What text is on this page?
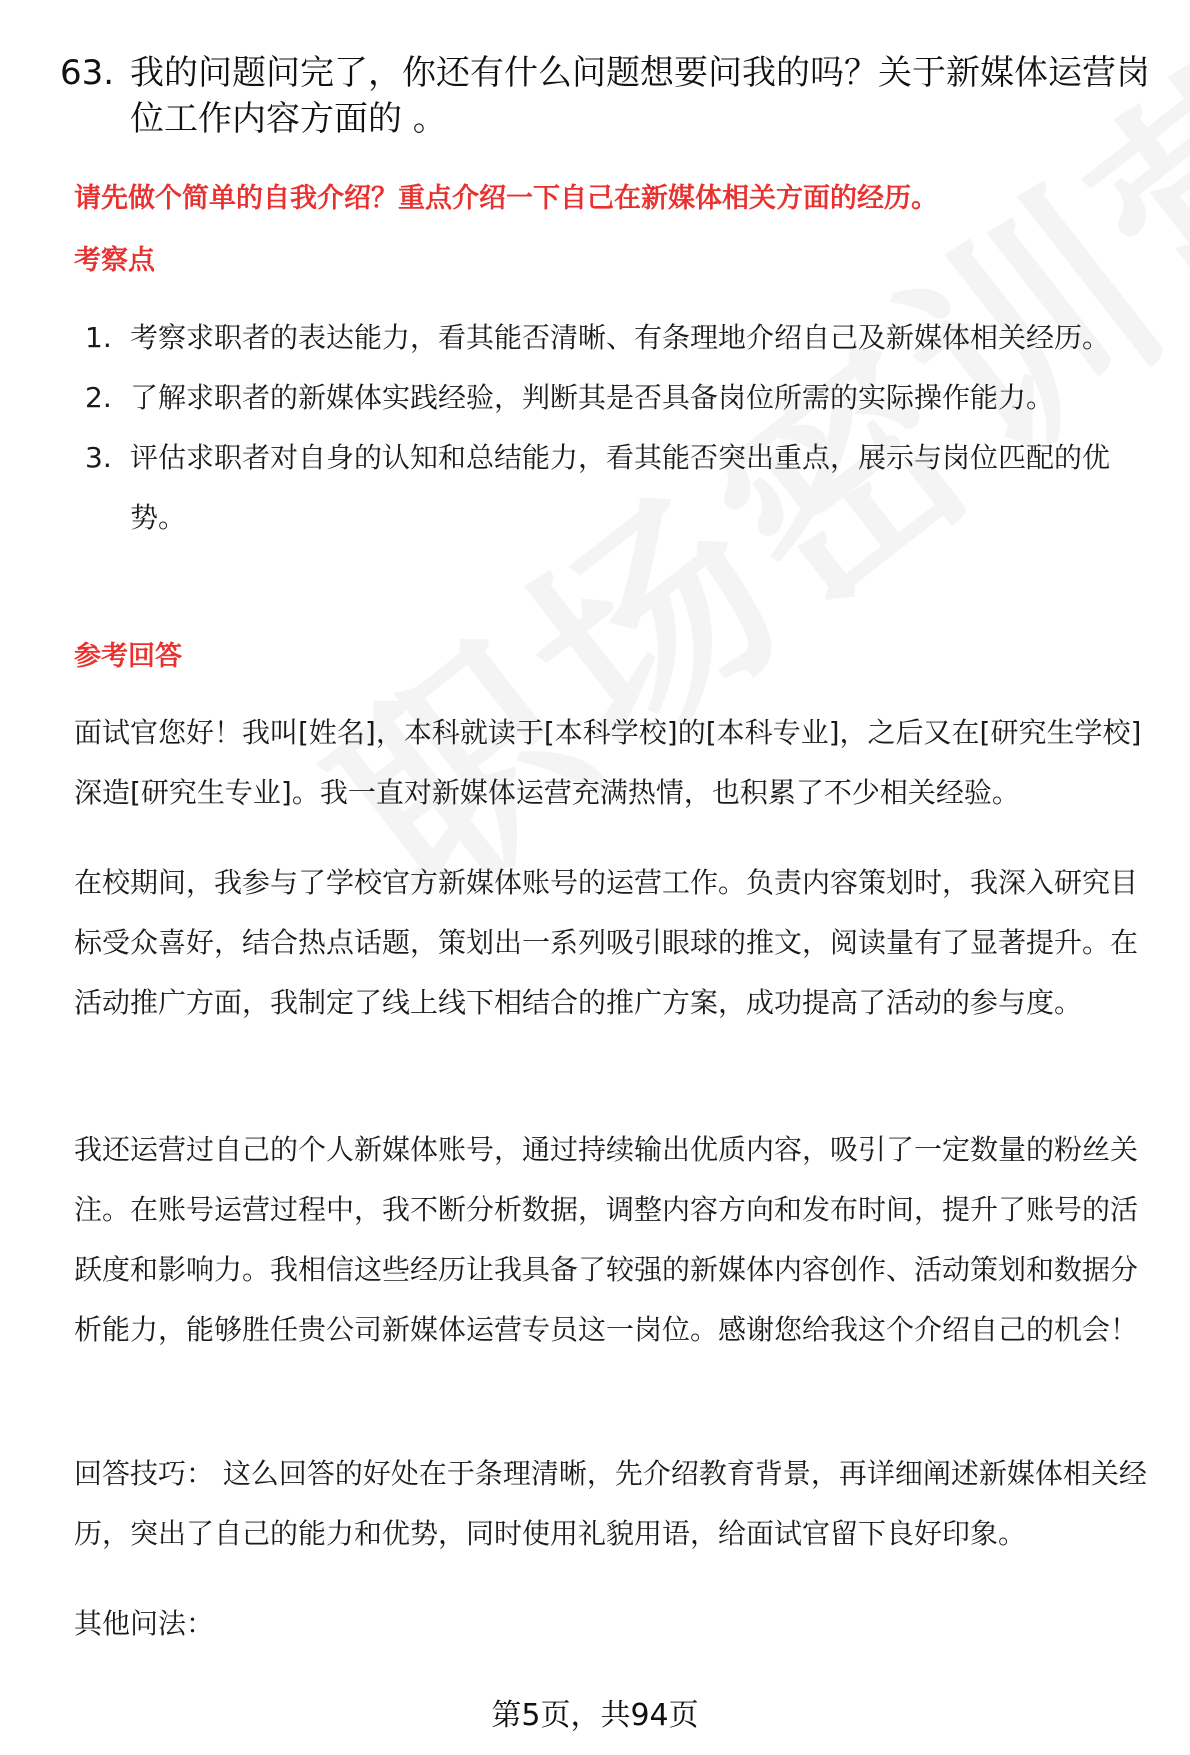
63. 我的问题问完了，你还有什么问题想要问我的吗？关于新媒体运营岗位工作内容方面的 。
请先做个简单的自我介绍？重点介绍一下自己在新媒体相关方面的经历。
考察点
1. 考察求职者的表达能力，看其能否清晰、有条理地介绍自己及新媒体相关经历。
2. 了解求职者的新媒体实践经验，判断其是否具备岗位所需的实际操作能力。
3. 评估求职者对自身的认知和总结能力，看其能否突出重点，展示与岗位匹配的优势。
参考回答

面试官您好！我叫[姓名]，本科就读于[本科学校]的[本科专业]，之后又在[研究生学校]深造[研究生专业]。我一直对新媒体运营充满热情，也积累了不少相关经验。

在校期间，我参与了学校官方新媒体账号的运营工作。负责内容策划时，我深入研究目标受众喜好，结合热点话题，策划出一系列吸引眼球的推文，阅读量有了显著提升。在活动推广方面，我制定了线上线下相结合的推广方案，成功提高了活动的参与度。

我还运营过自己的个人新媒体账号，通过持续输出优质内容，吸引了一定数量的粉丝关注。在账号运营过程中，我不断分析数据，调整内容方向和发布时间，提升了账号的活跃度和影响力。我相信这些经历让我具备了较强的新媒体内容创作、活动策划和数据分析能力，能够胜任贵公司新媒体运营专员这一岗位。感谢您给我这个介绍自己的机会！

回答技巧： 这么回答的好处在于条理清晰，先介绍教育背景，再详细阐述新媒体相关经历，突出了自己的能力和优势，同时使用礼貌用语，给面试官留下良好印象。

其他问法：

第5页，共94页
